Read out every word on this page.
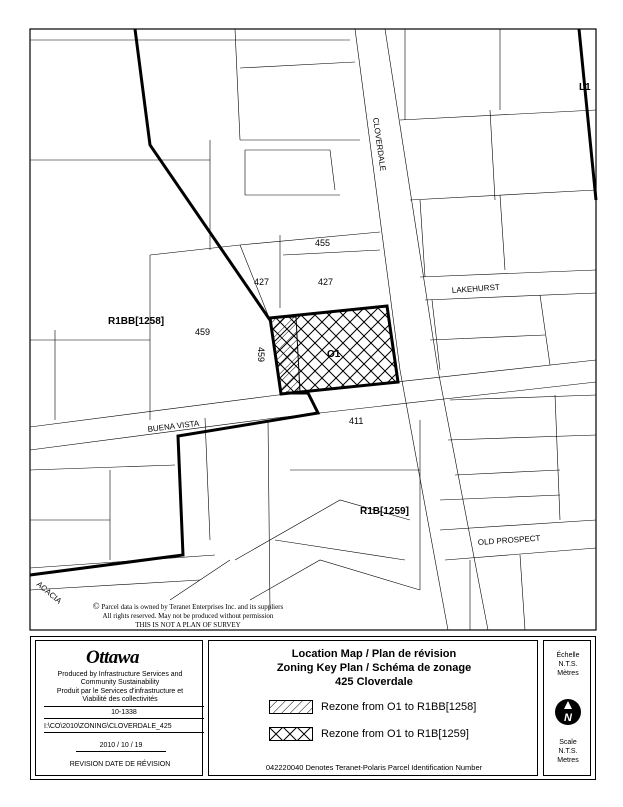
CLOVERDALE
LAKEHURST
BUENA VISTA
OLD PROSPECT
ACACIA
L1
R1BB[1258]
O1
R1B[1259]
455
427	427
459
459
411
© Parcel data is owned by Teranet Enterprises Inc. and its suppliers
All rights reserved. May not be produced without permission
THIS IS NOT A PLAN OF SURVEY
Ottawa
Produced by Infrastructure Services and Community Sustainability
Produit par le Services d'infrastructure et Viabilité des collectivités
10-1338
I:\CO\2010\ZONING\CLOVERDALE_425
2010 / 10 / 19
REVISION DATE DE RÉVISION
Location Map / Plan de révision
Zoning Key Plan / Schéma de zonage
425 Cloverdale
Rezone from O1 to R1BB[1258]
Rezone from O1 to R1B[1259]
042220040 Denotes Teranet-Polaris Parcel Identification Number
Échelle
N.T.S.
Mètres
N
Scale
N.T.S.
Metres
